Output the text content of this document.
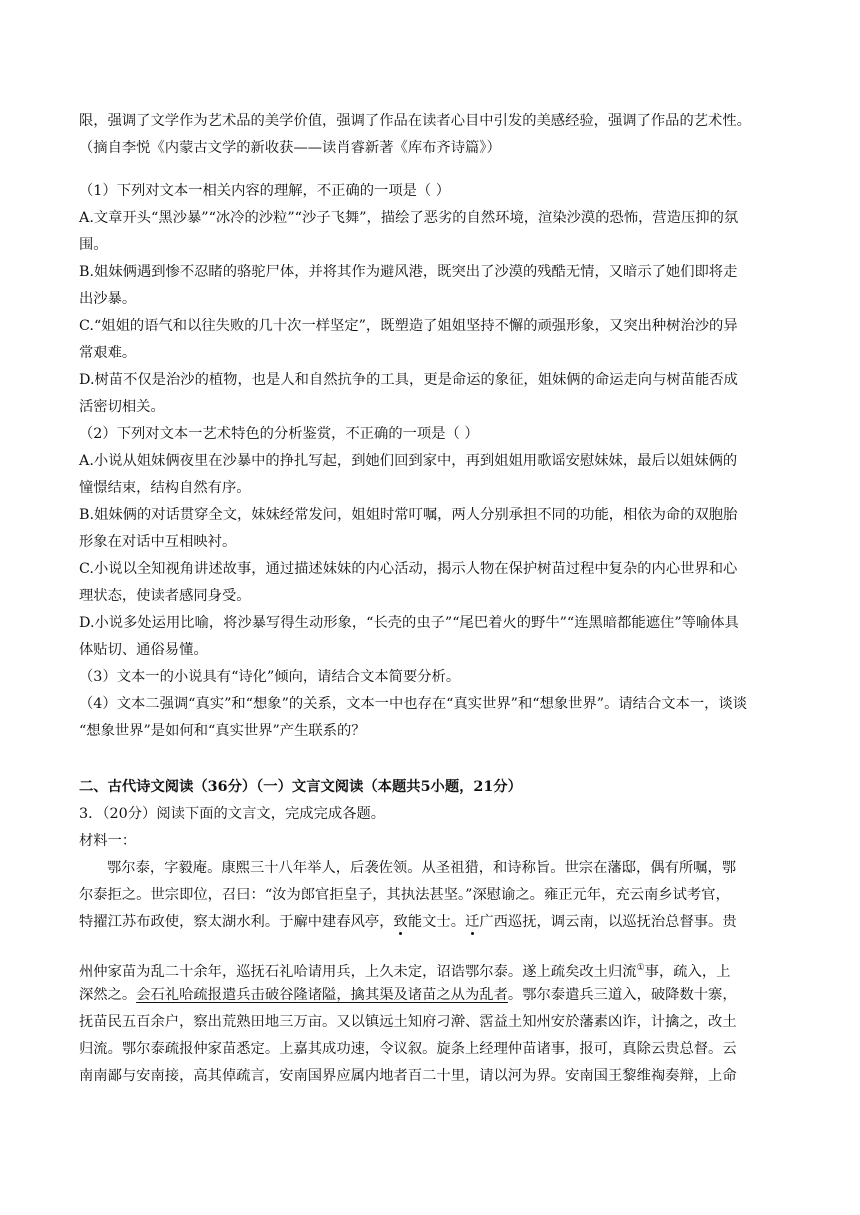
限，强调了文学作为艺术品的美学价值，强调了作品在读者心目中引发的美感经验，强调了作品的艺术性。
（摘自李悦《内蒙古文学的新收获——读肖睿新著《库布齐诗篇》）
（1）下列对文本一相关内容的理解，不正确的一项是（ ）
A.文章开头“黑沙暴”“冰冷的沙粒”“沙子飞舞”，描绘了恶劣的自然环境，渲染沙漠的恐怖，营造压抑的氛
围。
B.姐妹俩遇到惨不忍睹的骆驼尸体，并将其作为避风港，既突出了沙漠的残酷无情，又暗示了她们即将走
出沙暴。
C.“姐姐的语气和以往失败的几十次一样坚定”，既塑造了姐姐坚持不懈的顽强形象，又突出种树治沙的异
常艰难。
D.树苗不仅是治沙的植物，也是人和自然抗争的工具，更是命运的象征，姐妹俩的命运走向与树苗能否成
活密切相关。
（2）下列对文本一艺术特色的分析鉴赏，不正确的一项是（ ）
A.小说从姐妹俩夜里在沙暴中的挣扎写起，到她们回到家中，再到姐姐用歌谣安慰妹妹，最后以姐妹俩的
憧憬结束，结构自然有序。
B.姐妹俩的对话贯穿全文，妹妹经常发问，姐姐时常叮嘱，两人分别承担不同的功能，相依为命的双胞胎
形象在对话中互相映衬。
C.小说以全知视角讲述故事，通过描述妹妹的内心活动，揭示人物在保护树苗过程中复杂的内心世界和心
理状态，使读者感同身受。
D.小说多处运用比喻，将沙暴写得生动形象，“长壳的虫子”“尾巴着火的野牛”“连黑暗都能遮住”等喻体具
体贴切、通俗易懂。
（3）文本一的小说具有“诗化”倾向，请结合文本简要分析。
（4）文本二强调“真实”和“想象”的关系，文本一中也存在“真实世界”和“想象世界”。请结合文本一，谈谈
“想象世界”是如何和“真实世界”产生联系的？
二、古代诗文阅读（36分）（一）文言文阅读（本题共5小题，21分）
3．（20分）阅读下面的文言文，完成完成各题。
材料一：
鄂尔泰，字毅庵。康熙三十八年举人，后袭佐领。从圣祖猎，和诗称旨。世宗在藩邸，偶有所嘱，鄂
尔泰拒之。世宗即位，召曰：“汝为郎官拒皇子，其执法甚坚。”深慰谕之。雍正元年，充云南乡试考官，
特擢江苏布政使，察太湖水利。于廨中建春风亭，致能文士。迁广西巡抚，调云南，以巡抚治总督事。贵
州仲家苗为乱二十余年，巡抚石礼哈请用兵，上久未定，诏诰鄂尔泰。遂上疏矣改土归流①事，疏入，上
深然之。会石礼哈疏报遣兵击破谷隆诸隘，擒其渠及诸苗之从为乱者。鄂尔泰遣兵三道入，破降数十寨，
抚苗民五百余户，察出荒熟田地三万亩。又以镇远土知府刁澣、霑益土知州安於藩素凶诈，计擒之，改土
归流。鄂尔泰疏报仲家苗悉定。上嘉其成功速，令议叙。旋条上经理仲苗诸事，报可，真除云贵总督。云
南南鄙与安南接，高其倬疏言，安南国界应属内地者百二十里，请以河为界。安南国王黎维祹奏辩，上命
